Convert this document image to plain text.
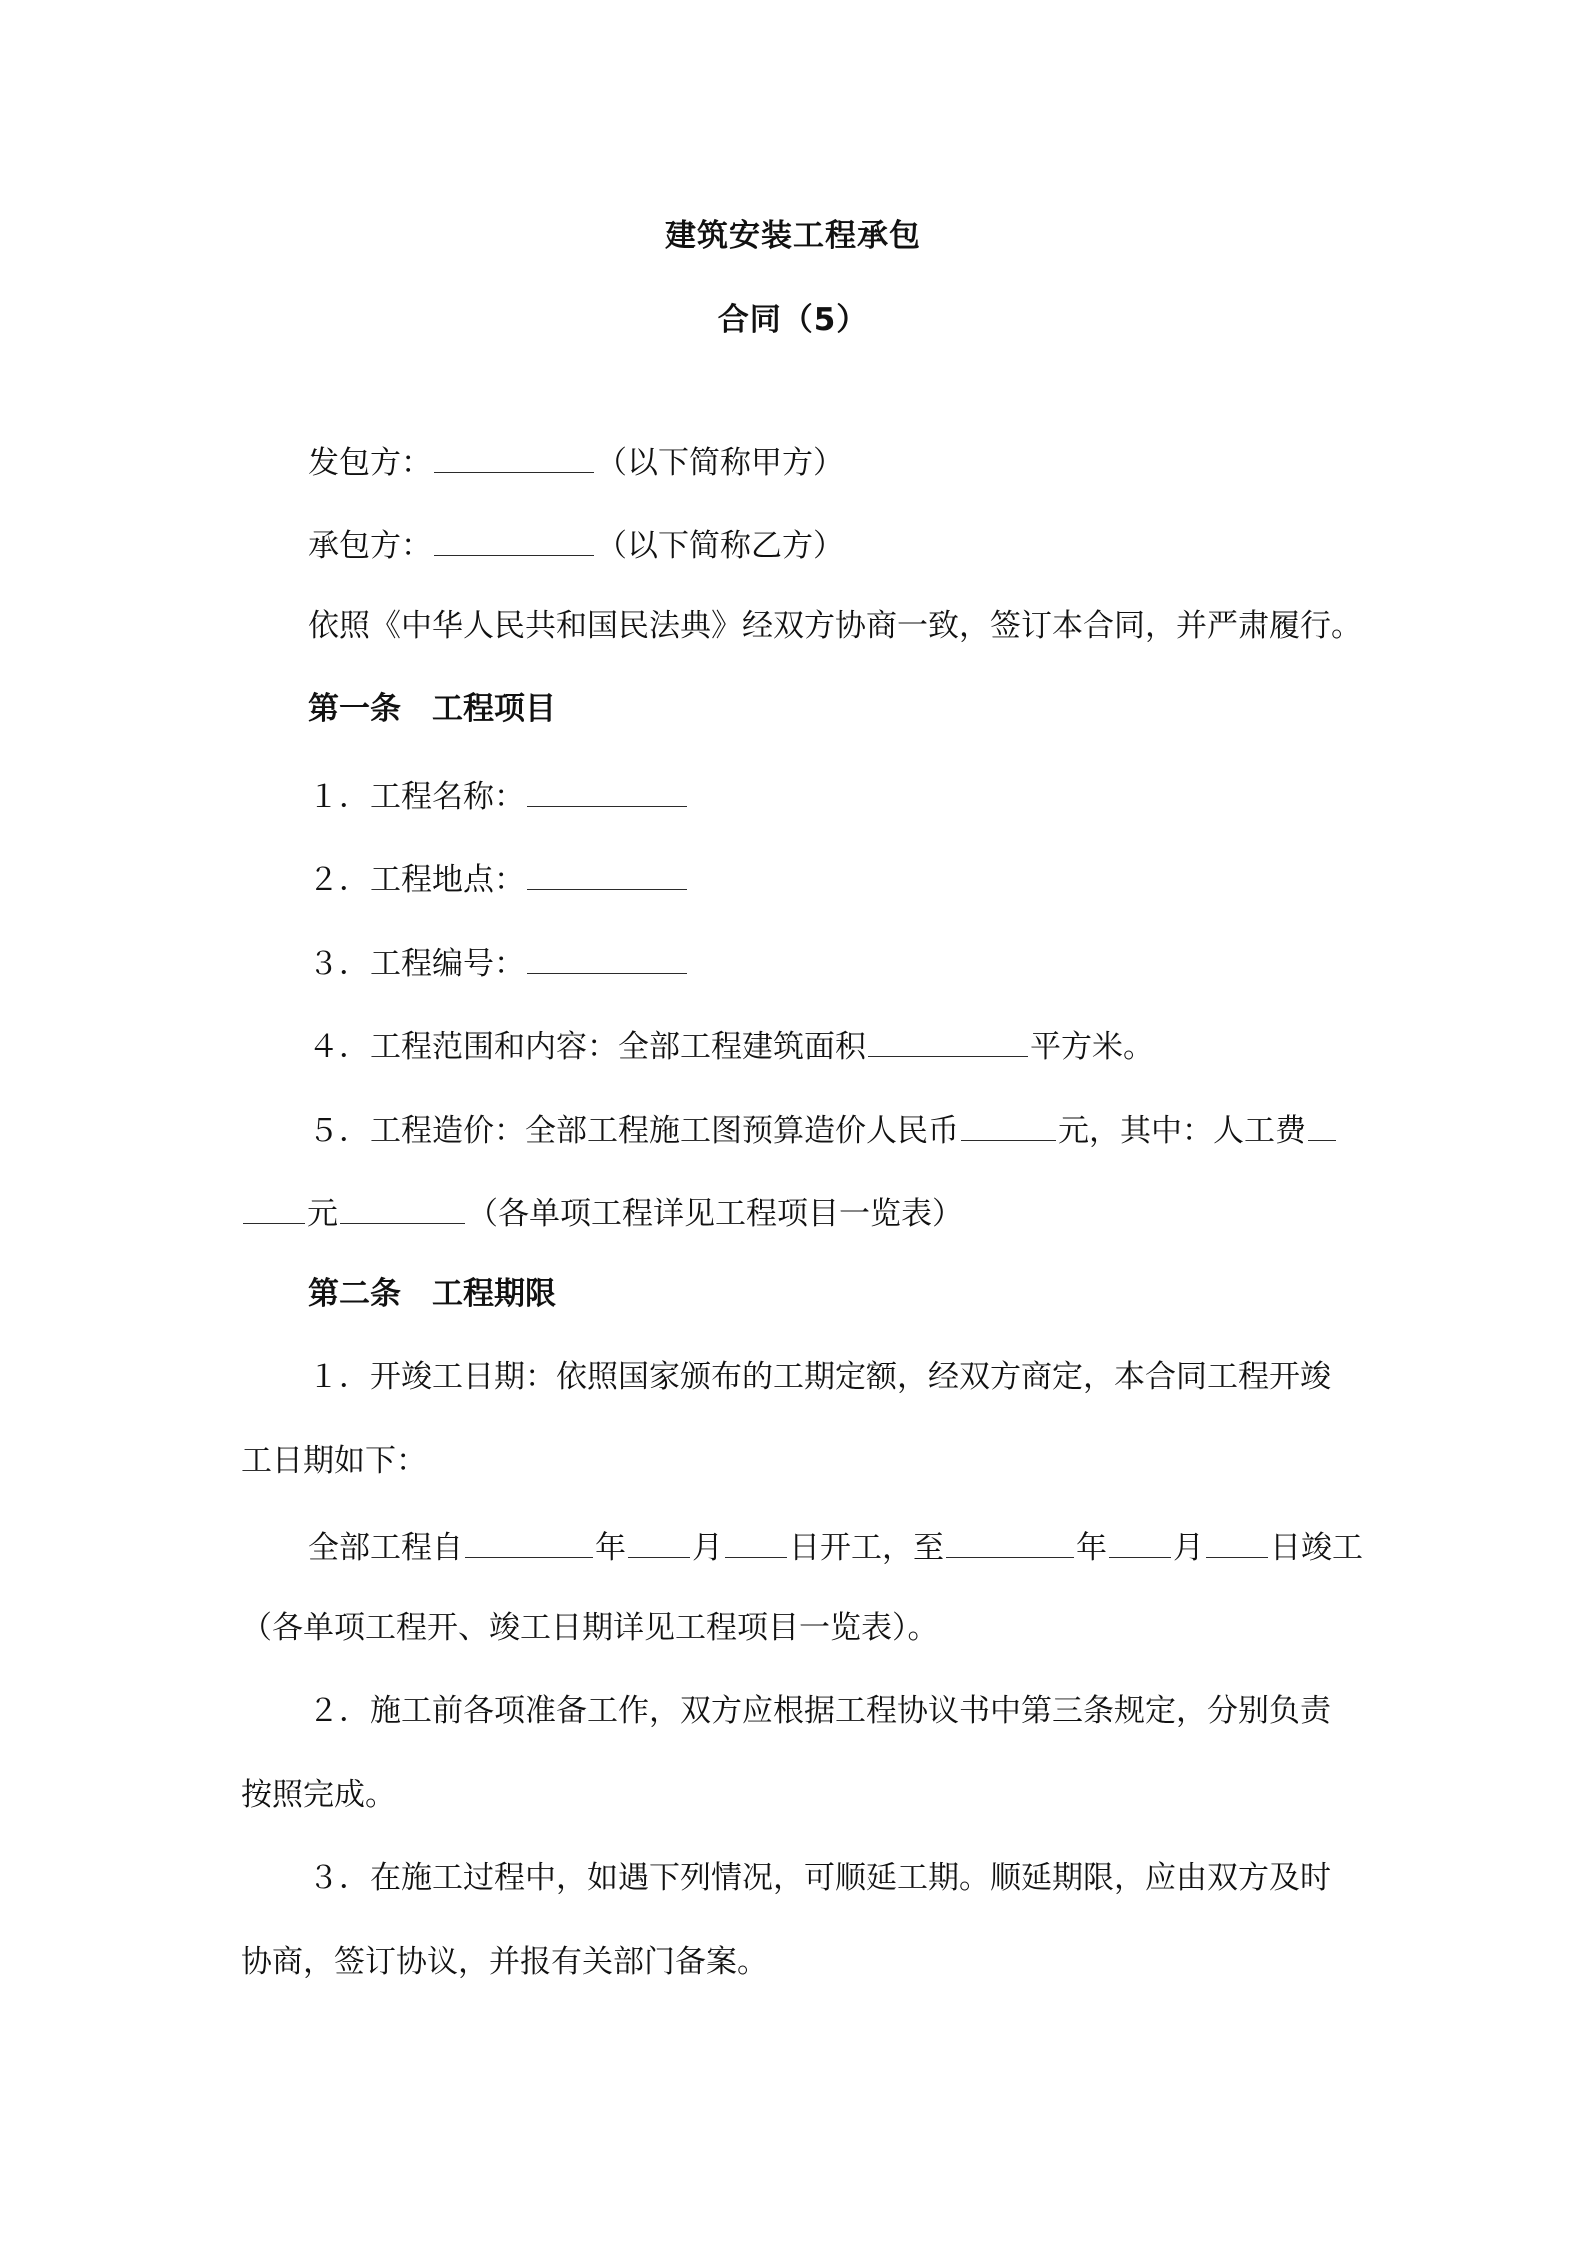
建筑安装工程承包
合同（5）
发包方：	（以下简称甲方）
承包方：	（以下简称乙方）
依照《中华人民共和国民法典》经双方协商一致，签订本合同，并严肃履行。
第一条　工程项目
１．工程名称：
２．工程地点：
３．工程编号：
４．工程范围和内容：全部工程建筑面积	平方米。
５．工程造价：全部工程施工图预算造价人民币	元，其中：人工费
元	（各单项工程详见工程项目一览表）
第二条　工程期限
１．开竣工日期：依照国家颁布的工期定额，经双方商定，本合同工程开竣
工日期如下：
全部工程自	年 月 日开工，至	年 月 日竣工
（各单项工程开、竣工日期详见工程项目一览表）。
２．施工前各项准备工作，双方应根据工程协议书中第三条规定，分别负责
按照完成。
３．在施工过程中，如遇下列情况，可顺延工期。顺延期限，应由双方及时
协商，签订协议，并报有关部门备案。
